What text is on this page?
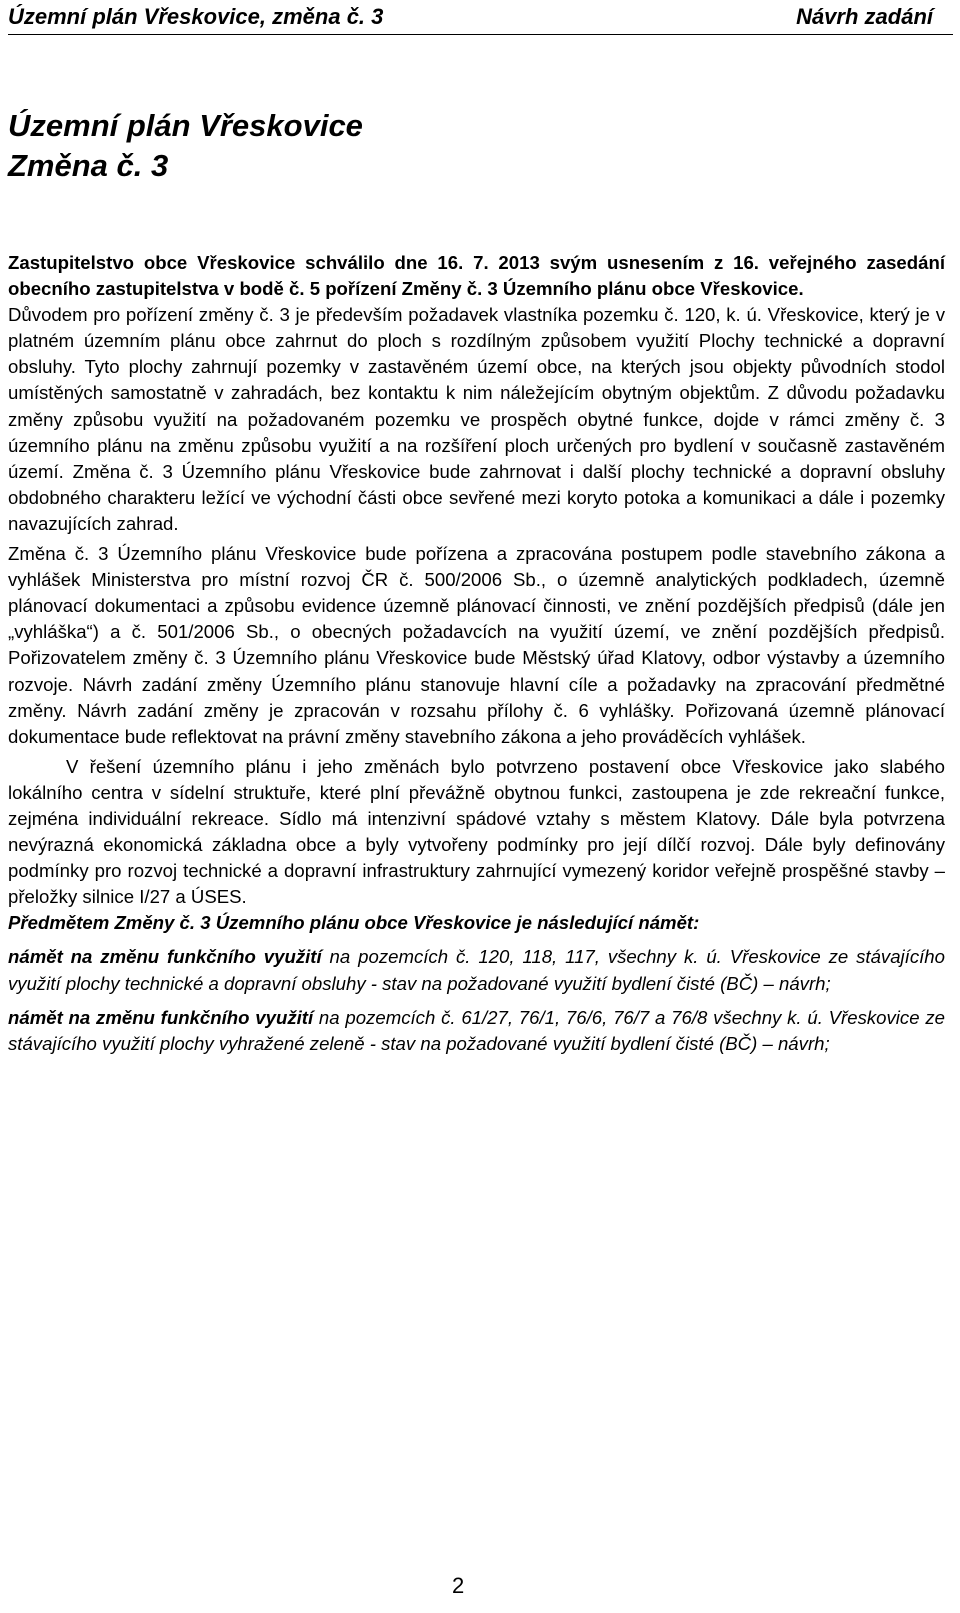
Územní plán Vřeskovice, změna č. 3	Návrh zadání
Územní plán Vřeskovice
Změna č. 3

Zastupitelstvo obce Vřeskovice schválilo dne 16. 7. 2013 svým usnesením z 16. veřejného zasedání obecního zastupitelstva v bodě č. 5 pořízení Změny č. 3 Územního plánu obce Vřeskovice.

Důvodem pro pořízení změny č. 3 je především požadavek vlastníka pozemku č. 120, k. ú. Vřeskovice, který je v platném územním plánu obce zahrnut do ploch s rozdílným způsobem využití Plochy technické a dopravní obsluhy. Tyto plochy zahrnují pozemky v zastavěném území obce, na kterých jsou objekty původních stodol umístěných samostatně v zahradách, bez kontaktu k nim náležejícím obytným objektům. Z důvodu požadavku změny způsobu využití na požadovaném pozemku ve prospěch obytné funkce, dojde v rámci změny č. 3 územního plánu na změnu způsobu využití a na rozšíření ploch určených pro bydlení v současně zastavěném území. Změna č. 3 Územního plánu Vřeskovice bude zahrnovat i další plochy technické a dopravní obsluhy obdobného charakteru ležící ve východní části obce sevřené mezi koryto potoka a komunikaci a dále i pozemky navazujících zahrad.

Změna č. 3 Územního plánu Vřeskovice bude pořízena a zpracována postupem podle stavebního zákona a vyhlášek Ministerstva pro místní rozvoj ČR č. 500/2006 Sb., o územně analytických podkladech, územně plánovací dokumentaci a způsobu evidence územně plánovací činnosti, ve znění pozdějších předpisů (dále jen „vyhláška“) a č. 501/2006 Sb., o obecných požadavcích na využití území, ve znění pozdějších předpisů. Pořizovatelem změny č. 3 Územního plánu Vřeskovice bude Městský úřad Klatovy, odbor výstavby a územního rozvoje. Návrh zadání změny Územního plánu stanovuje hlavní cíle a požadavky na zpracování předmětné změny. Návrh zadání změny je zpracován v rozsahu přílohy č. 6 vyhlášky. Pořizovaná územně plánovací dokumentace bude reflektovat na právní změny stavebního zákona a jeho prováděcích vyhlášek.

V řešení územního plánu i jeho změnách bylo potvrzeno postavení obce Vřeskovice jako slabého lokálního centra v sídelní struktuře, které plní převážně obytnou funkci, zastoupena je zde rekreační funkce, zejména individuální rekreace. Sídlo má intenzivní spádové vztahy s městem Klatovy. Dále byla potvrzena nevýrazná ekonomická základna obce a byly vytvořeny podmínky pro její dílčí rozvoj. Dále byly definovány podmínky pro rozvoj technické a dopravní infrastruktury zahrnující vymezený koridor veřejně prospěšné stavby – přeložky silnice I/27 a ÚSES.

Předmětem Změny č. 3 Územního plánu obce Vřeskovice je následující námět:

námět na změnu funkčního využití na pozemcích č. 120, 118, 117, všechny k. ú. Vřeskovice ze stávajícího využití plochy technické a dopravní obsluhy - stav na požadované využití bydlení čisté (BČ) – návrh;

námět na změnu funkčního využití na pozemcích č. 61/27, 76/1, 76/6, 76/7 a 76/8 všechny k. ú. Vřeskovice ze stávajícího využití plochy vyhražené zeleně - stav na požadované využití bydlení čisté (BČ) – návrh;

2
